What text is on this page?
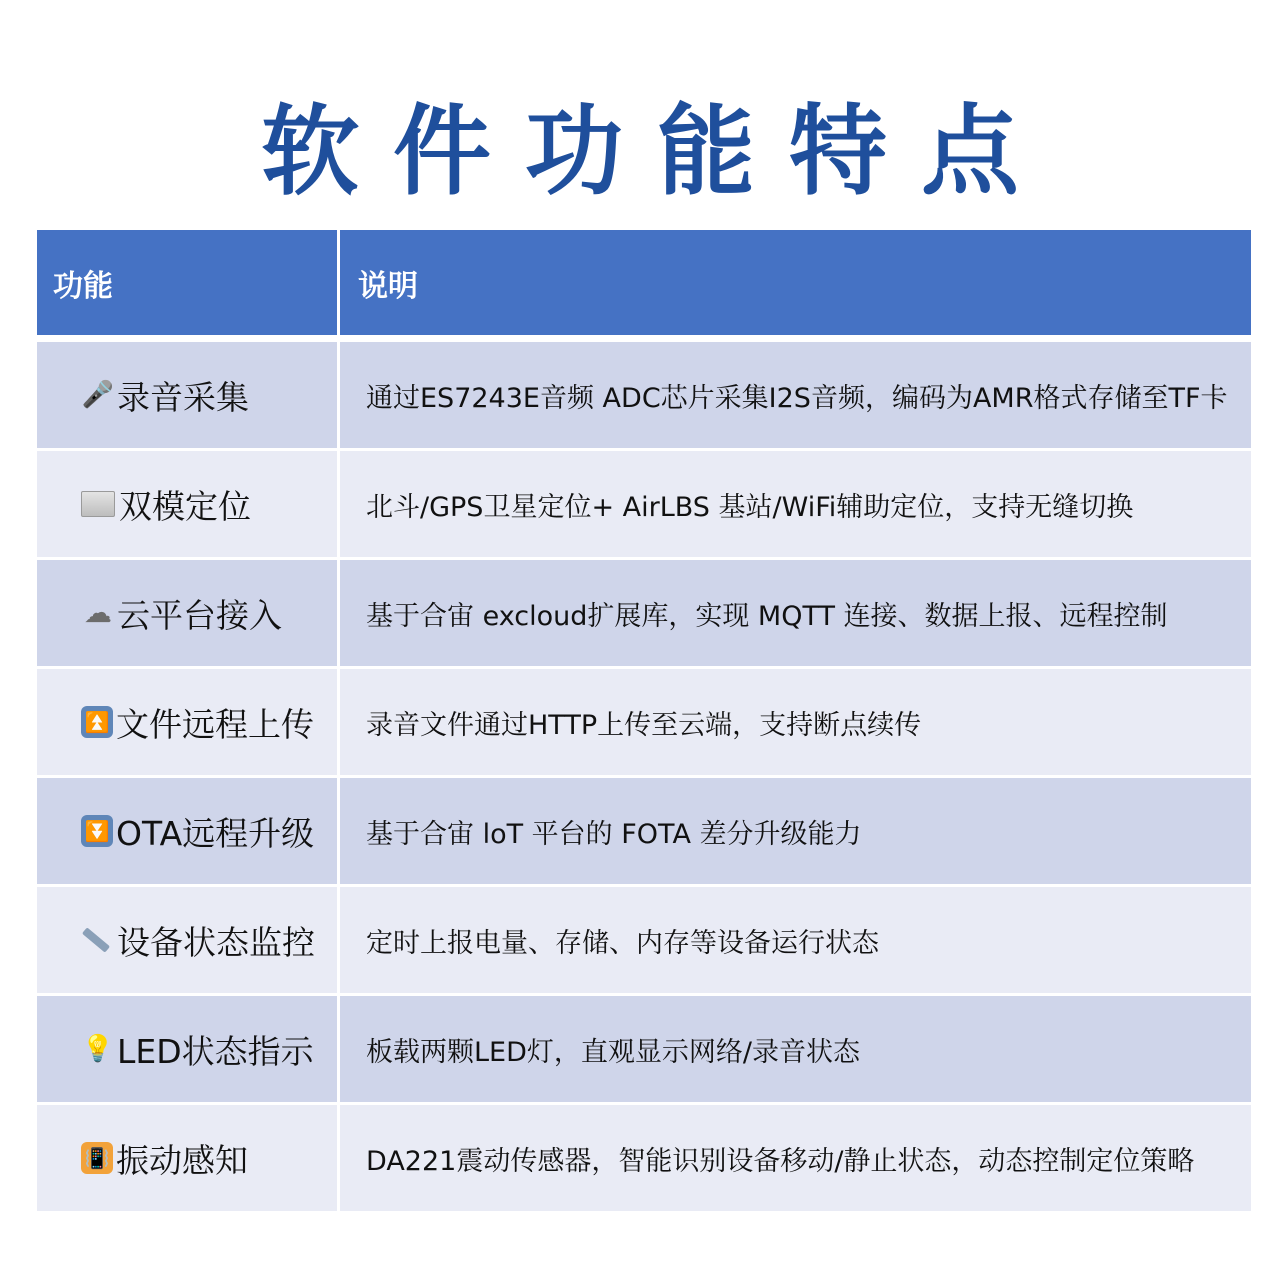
软件功能特点
功能	说明
🎤 录音采集	通过ES7243E音频 ADC芯片采集I2S音频，编码为AMR格式存储至TF卡
双模定位	北斗/GPS卫星定位+ AirLBS 基站/WiFi辅助定位，支持无缝切换
☁ 云平台接入	基于合宙 excloud扩展库，实现 MQTT 连接、数据上报、远程控制
⏫ 文件远程上传	录音文件通过HTTP上传至云端，支持断点续传
⏬ OTA远程升级	基于合宙 loT 平台的 FOTA 差分升级能力
设备状态监控	定时上报电量、存储、内存等设备运行状态
💡 LED状态指示	板载两颗LED灯，直观显示网络/录音状态
📳 振动感知	DA221震动传感器，智能识别设备移动/静止状态，动态控制定位策略
